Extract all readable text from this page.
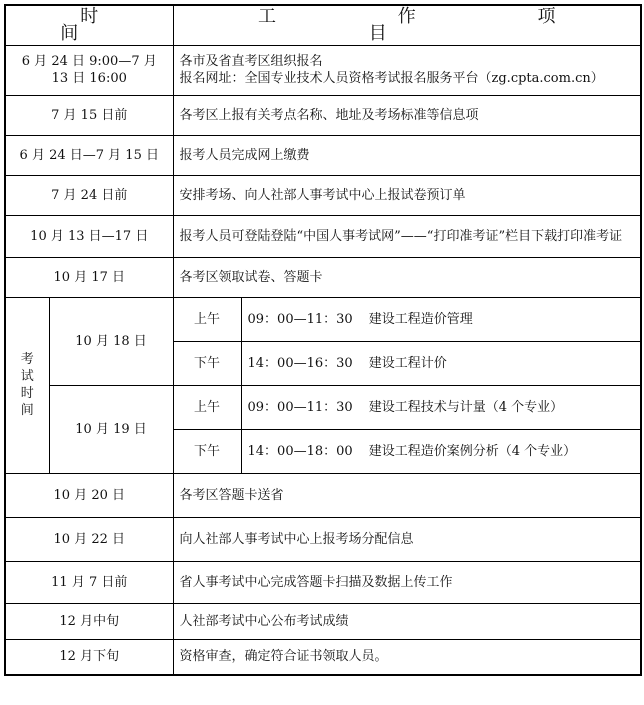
时 间		工 作 项 目	
6 月 24 日 9:00—7 月 13 日 16:00		各市及省直考区组织报名
报名网址：全国专业技术人员资格考试报名服务平台（zg.cpta.com.cn）	

7 月 15 日前		各考区上报有关考点名称、地址及考场标准等信息项	
6 月 24 日—7 月 15 日		报考人员完成网上缴费	
7 月 24 日前		安排考场、向人社部人事考试中心上报试卷预订单	
10 月 13 日—17 日		报考人员可登陆登陆“中国人事考试网”——“打印准考证”栏目下载打印准考证	
10 月 17 日		各考区领取试卷、答题卡	
考试时间	10 月 18 日	上午	09：00—11：30 建设工程造价管理
		下午	14：00—16：30 建设工程计价
	10 月 19 日	上午	09：00—11：30 建设工程技术与计量（4 个专业）
		下午	14：00—18：00 建设工程造价案例分析（4 个专业）
10 月 20 日		各考区答题卡送省	
10 月 22 日		向人社部人事考试中心上报考场分配信息	
11 月 7 日前		省人事考试中心完成答题卡扫描及数据上传工作	
12 月中旬		人社部考试中心公布考试成绩	
12 月下旬		资格审查，确定符合证书领取人员。	
